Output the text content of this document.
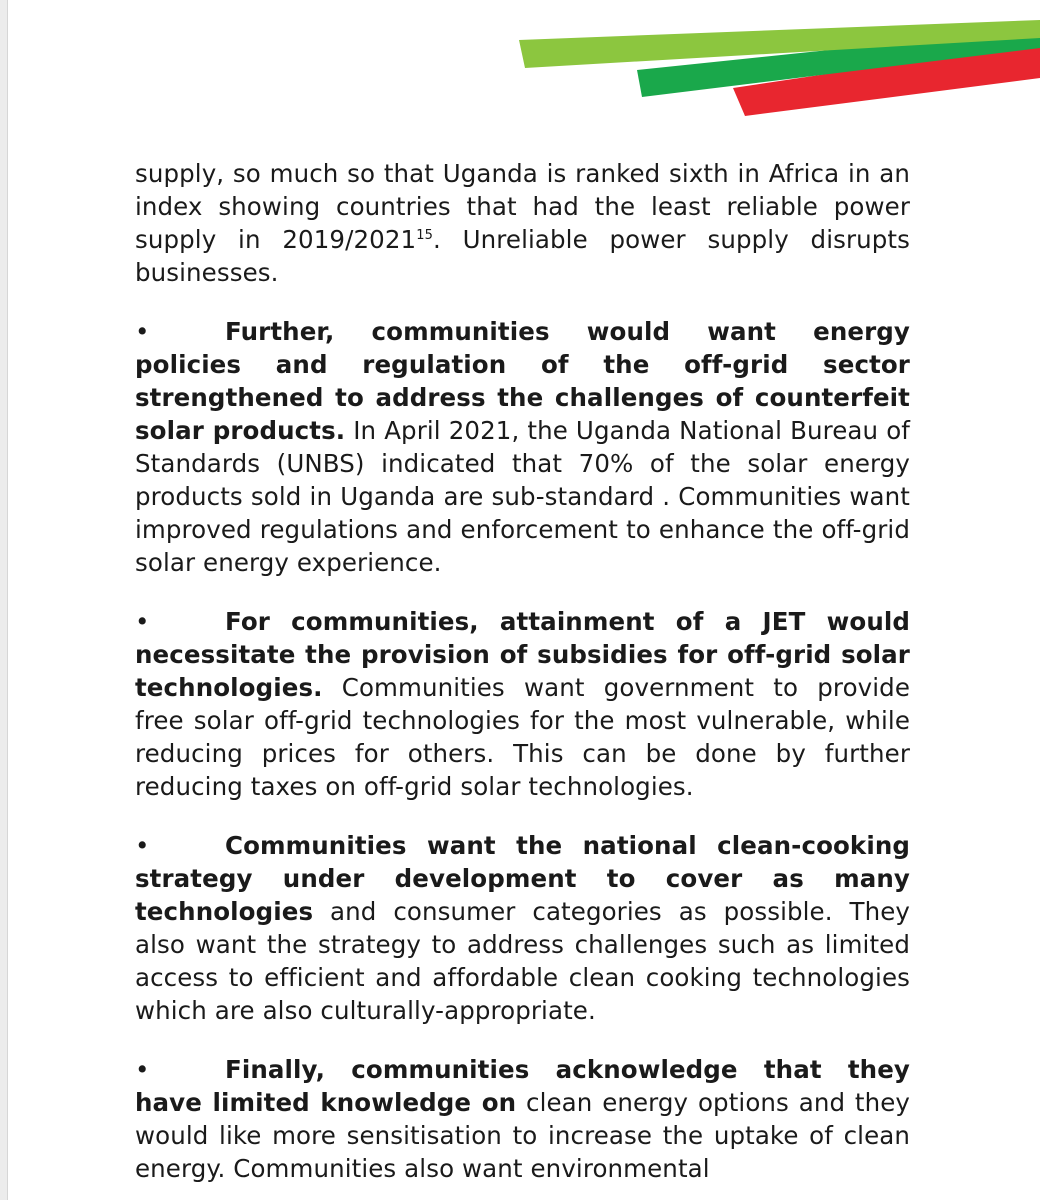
supply, so much so that Uganda is ranked sixth in Africa in an index showing countries that had the least reliable power supply in 2019/2021$^{15}$. Unreliable power supply disrupts businesses.

•	Further, communities would want energy policies and regulation of the off-grid sector strengthened to address the challenges of counterfeit solar products. In April 2021, the Uganda National Bureau of Standards (UNBS) indicated that 70% of the solar energy products sold in Uganda are sub-standard . Communities want improved regulations and enforcement to enhance the off-grid solar energy experience.

•	For communities, attainment of a JET would necessitate the provision of subsidies for off-grid solar technologies. Communities want government to provide free solar off-grid technologies for the most vulnerable, while reducing prices for others. This can be done by further reducing taxes on off-grid solar technologies.

•	Communities want the national clean-cooking strategy under development to cover as many technologies and consumer categories as possible. They also want the strategy to address challenges such as limited access to efficient and affordable clean cooking technologies which are also culturally-appropriate.

•	Finally, communities acknowledge that they have limited knowledge on clean energy options and they would like more sensitisation to increase the uptake of clean energy. Communities also want environmental
